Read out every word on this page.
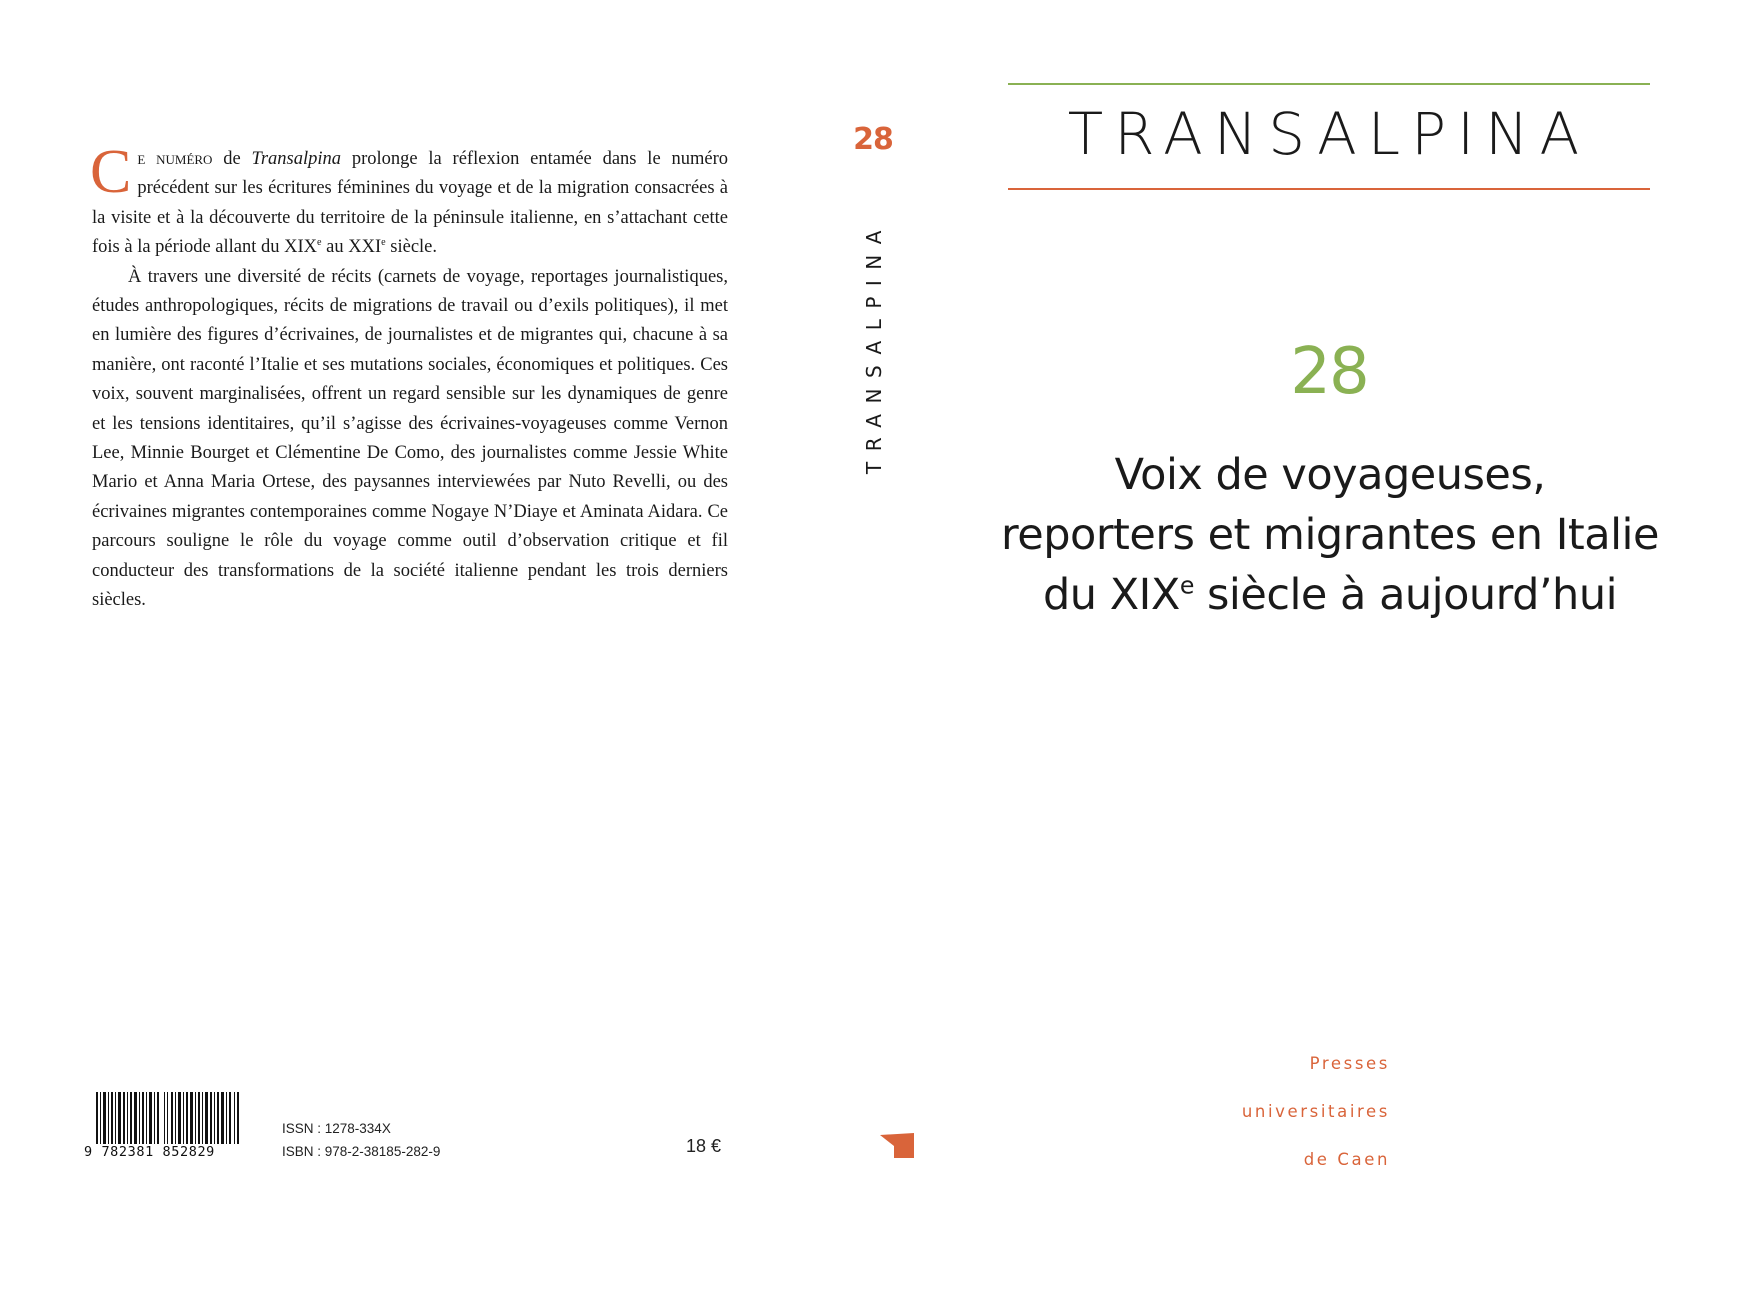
Ce numéro de Transalpina prolonge la réflexion entamée dans le numéro précédent sur les écritures féminines du voyage et de la migration consacrées à la visite et à la découverte du territoire de la péninsule italienne, en s’attachant cette fois à la période allant du XIXe au XXIe siècle.

À travers une diversité de récits (carnets de voyage, reportages journalistiques, études anthropologiques, récits de migrations de travail ou d’exils politiques), il met en lumière des figures d’écrivaines, de journalistes et de migrantes qui, chacune à sa manière, ont raconté l’Italie et ses mutations sociales, économiques et politiques. Ces voix, souvent marginalisées, offrent un regard sensible sur les dynamiques de genre et les tensions identitaires, qu’il s’agisse des écrivaines-voyageuses comme Vernon Lee, Minnie Bourget et Clémentine De Como, des journalistes comme Jessie White Mario et Anna Maria Ortese, des paysannes interviewées par Nuto Revelli, ou des écrivaines migrantes contemporaines comme Nogaye N’Diaye et Aminata Aidara. Ce parcours souligne le rôle du voyage comme outil d’observation critique et fil conducteur des transformations de la société italienne pendant les trois derniers siècles.

9 782381 852829
ISSN : 1278-334X
ISBN : 978-2-38185-282-9	18 €
28
TRANSALPINA
TRANSALPINA
28
Voix de voyageuses,
reporters et migrantes en Italie
du XIXe siècle à aujourd’hui
Presses
universitaires
de Caen
